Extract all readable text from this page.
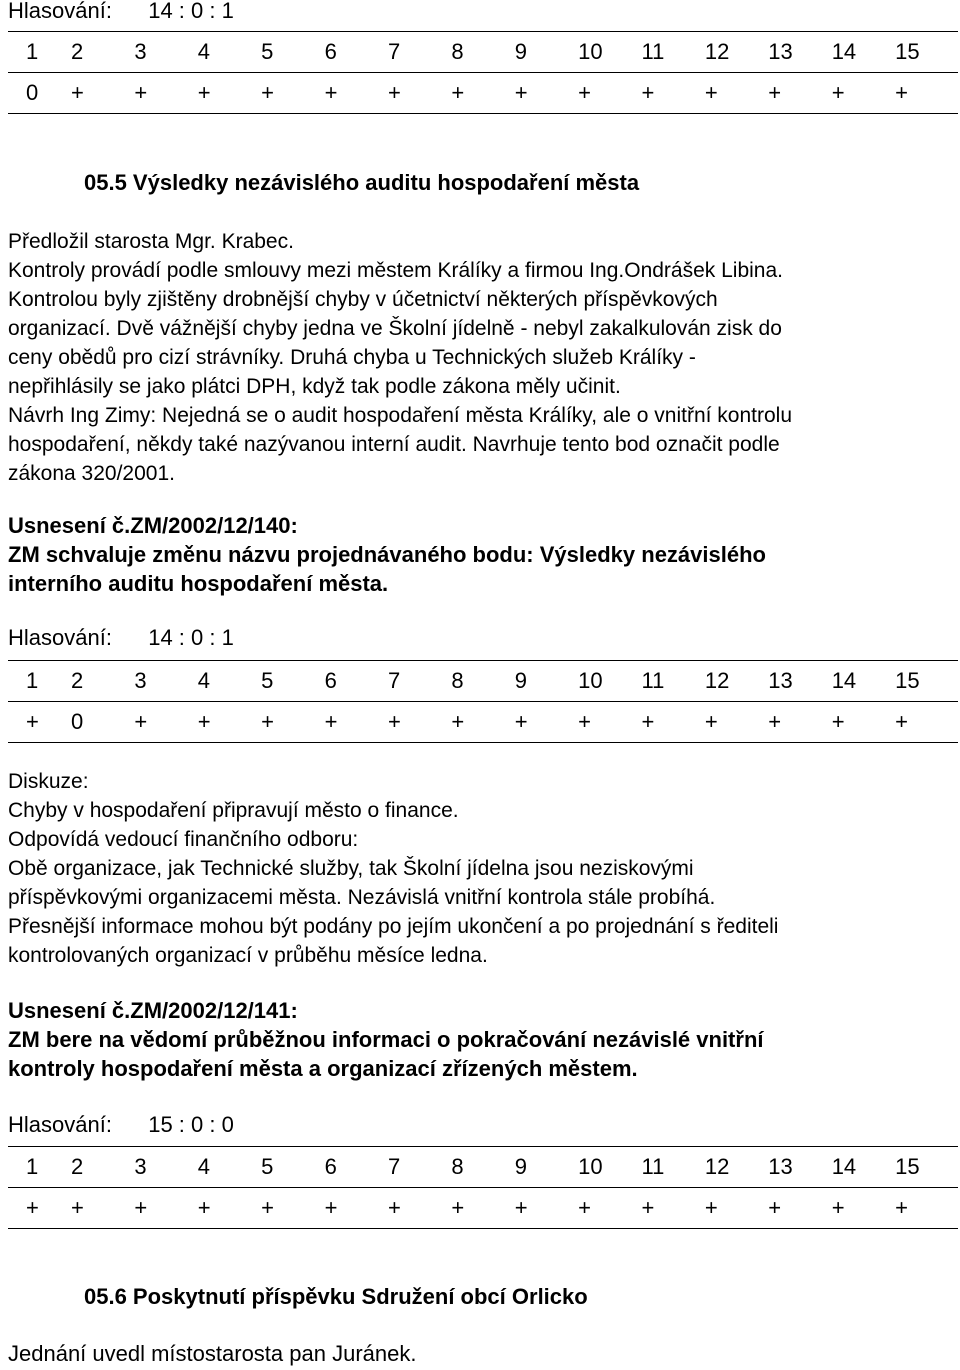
Hlasování: 14 : 0 : 1
1	2	3	4	5	6	7	8	9	10	11	12	13	14	15
0	+	+	+	+	+	+	+	+	+	+	+	+	+	+
05.5 Výsledky nezávislého auditu hospodaření města
Předložil starosta Mgr. Krabec.
Kontroly provádí podle smlouvy mezi městem Králíky a firmou Ing.Ondrášek Libina.
Kontrolou byly zjištěny drobnější chyby v účetnictví některých příspěvkových
organizací. Dvě vážnější chyby jedna ve Školní jídelně - nebyl zakalkulován zisk do
ceny obědů pro cizí strávníky. Druhá chyba u Technických služeb Králíky -
nepřihlásily se jako plátci DPH, když tak podle zákona měly učinit.
Návrh Ing Zimy: Nejedná se o audit hospodaření města Králíky, ale o vnitřní kontrolu
hospodaření, někdy také nazývanou interní audit. Navrhuje tento bod označit podle
zákona 320/2001.
Usnesení č.ZM/2002/12/140:
ZM schvaluje změnu názvu projednávaného bodu: Výsledky nezávislého
interního auditu hospodaření města.
Hlasování: 14 : 0 : 1
1	2	3	4	5	6	7	8	9	10	11	12	13	14	15
+	0	+	+	+	+	+	+	+	+	+	+	+	+	+
Diskuze:
Chyby v hospodaření připravují město o finance.
Odpovídá vedoucí finančního odboru:
Obě organizace, jak Technické služby, tak Školní jídelna jsou neziskovými
příspěvkovými organizacemi města. Nezávislá vnitřní kontrola stále probíhá.
Přesnější informace mohou být podány po jejím ukončení a po projednání s řediteli
kontrolovaných organizací v průběhu měsíce ledna.
Usnesení č.ZM/2002/12/141:
ZM bere na vědomí průběžnou informaci o pokračování nezávislé vnitřní
kontroly hospodaření města a organizací zřízených městem.
Hlasování: 15 : 0 : 0
1	2	3	4	5	6	7	8	9	10	11	12	13	14	15
+	+	+	+	+	+	+	+	+	+	+	+	+	+	+
05.6 Poskytnutí příspěvku Sdružení obcí Orlicko
Jednání uvedl místostarosta pan Juránek.
